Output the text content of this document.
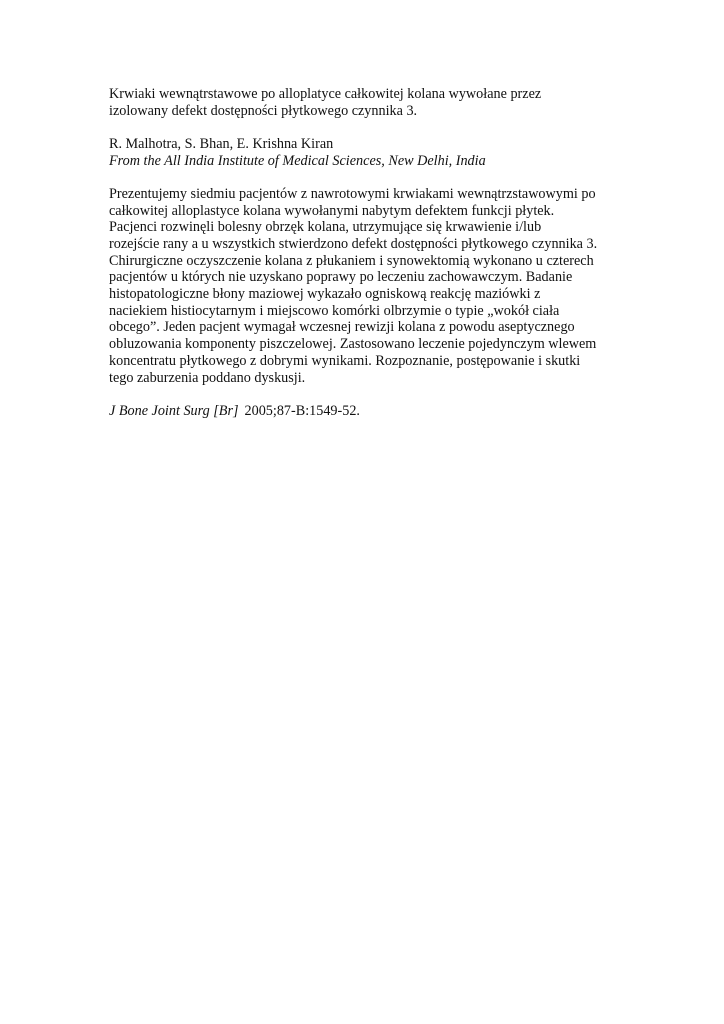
Krwiaki wewnątrstawowe po alloplatyce całkowitej kolana wywołane przez
izolowany defekt dostępności płytkowego czynnika 3.
R. Malhotra, S. Bhan, E. Krishna Kiran
From the All India Institute of Medical Sciences, New Delhi, India
Prezentujemy siedmiu pacjentów z nawrotowymi krwiakami wewnątrzstawowymi po
całkowitej alloplastyce kolana wywołanymi nabytym defektem funkcji płytek.
Pacjenci rozwinęli bolesny obrzęk kolana, utrzymujące się krwawienie i/lub
rozejście rany a u wszystkich stwierdzono defekt dostępności płytkowego czynnika 3.
Chirurgiczne oczyszczenie kolana z płukaniem i synowektomią wykonano u czterech
pacjentów u których nie uzyskano poprawy po leczeniu zachowawczym. Badanie
histopatologiczne błony maziowej wykazało ogniskową reakcję maziówki z
naciekiem histiocytarnym i miejscowo komórki olbrzymie o typie „wokół ciała
obcego”. Jeden pacjent wymagał wczesnej rewizji kolana z powodu aseptycznego
obluzowania komponenty piszczelowej. Zastosowano leczenie pojedynczym wlewem
koncentratu płytkowego z dobrymi wynikami. Rozpoznanie, postępowanie i skutki
tego zaburzenia poddano dyskusji.
J Bone Joint Surg [Br] 2005;87-B:1549-52.
